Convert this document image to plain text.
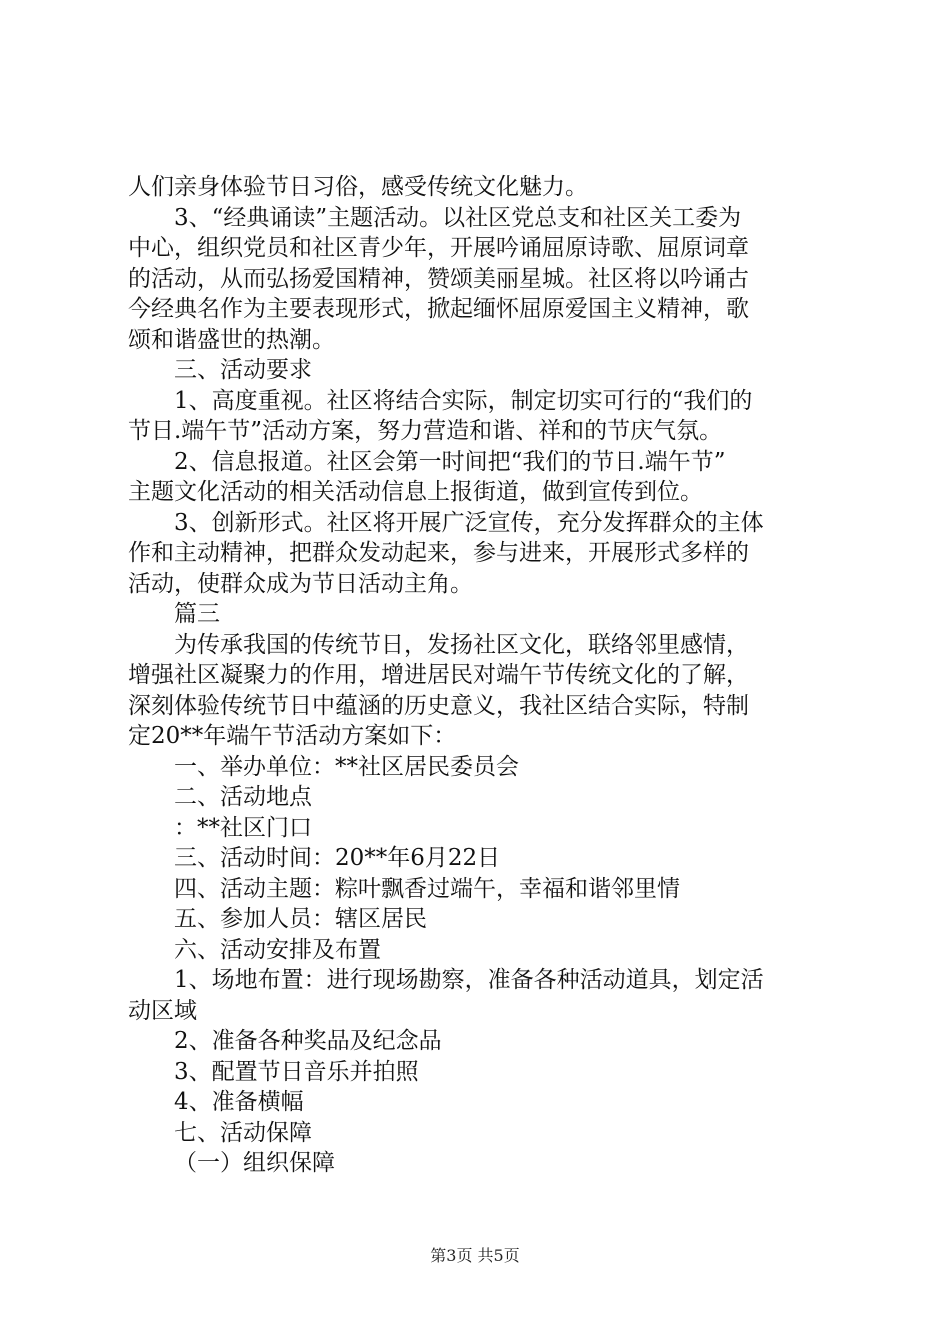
人们亲身体验节日习俗，感受传统文化魅力。
3、“经典诵读”主题活动。以社区党总支和社区关工委为
中心，组织党员和社区青少年，开展吟诵屈原诗歌、屈原词章
的活动，从而弘扬爱国精神，赞颂美丽星城。社区将以吟诵古
今经典名作为主要表现形式，掀起缅怀屈原爱国主义精神，歌
颂和谐盛世的热潮。
三、活动要求
1、高度重视。社区将结合实际，制定切实可行的“我们的
节日.端午节”活动方案，努力营造和谐、祥和的节庆气氛。
2、信息报道。社区会第一时间把“我们的节日.端午节”
主题文化活动的相关活动信息上报街道，做到宣传到位。
3、创新形式。社区将开展广泛宣传，充分发挥群众的主体
作和主动精神，把群众发动起来，参与进来，开展形式多样的
活动，使群众成为节日活动主角。
篇三
为传承我国的传统节日，发扬社区文化，联络邻里感情，
增强社区凝聚力的作用，增进居民对端午节传统文化的了解，
深刻体验传统节日中蕴涵的历史意义，我社区结合实际，特制
定20**年端午节活动方案如下：
一、举办单位：**社区居民委员会
二、活动地点
：**社区门口
三、活动时间：20**年6月22日
四、活动主题：粽叶飘香过端午，幸福和谐邻里情
五、参加人员：辖区居民
六、活动安排及布置
1、场地布置：进行现场勘察，准备各种活动道具，划定活
动区域
2、准备各种奖品及纪念品
3、配置节日音乐并拍照
4、准备横幅
七、活动保障
（一）组织保障
第3页 共5页
